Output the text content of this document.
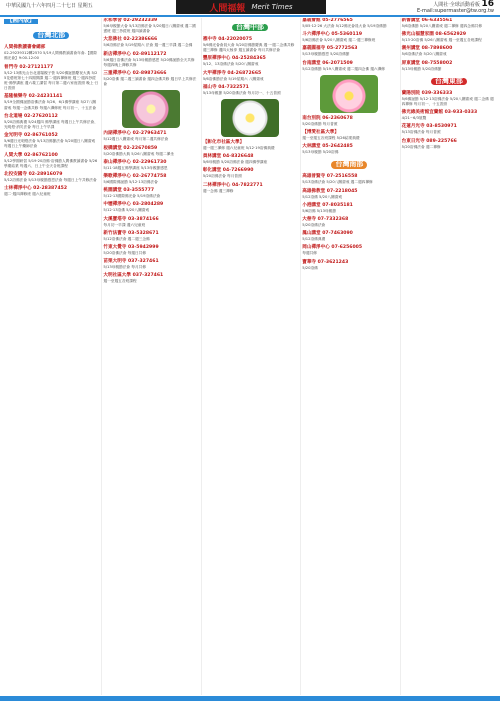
中華民國九十六年四月二十七日 星期五	人間福報 Merit Times	人間社‧全球活動看板 16
E-mail:supermaster@tw.org.tw
【國內版】
台灣北部
人間佛教讀書會總部
02-29239312轉2570 5/19人間佛教讀書會年會-【國際佛光會】9:00-12:00
普門寺 02-27121177
5/12‧13佛光山台北道場親子營 5/20佛誕節慶祝大典 5/25花藝班第七十四期開課 週二‧週四禪修班 週三‧週四抄經班‧佛學講座 週六義工講習 每月第二週六家庭普照 晚上‧日日普照
基隆極樂寺 02-24231141
5/19全國佛誕節浴佛法會 5/26、6/1佛學講座 5/27八關齋戒 每週一念佛共修 每週六禪修班 每月初一、十五法會
台北道場 02-27620112
5/20浴佛典禮 5/24週四 佛學講座 每週日上午共修法會、光明燈‧消災法會 每日上午早課
金光明寺 02-86761052
5/6週日光明燈法會 5/13浴佛節法會 5/20週日八關齋戒 每週日上午藥師法會
人間大學 02-86762100
5/12學期研習 5/19‧20浴佛‧浴佛節人間佛教讀書會 5/26學期結業 每週六、日上午全天各班課程
北投安國寺 02-28916079
5/12浴佛法會 5/13母親節感恩法會 每週日上午共修法會
士林禪淨中心 02-28387452
週二‧週四禪修班 週六兒童班
永和學舍 02-29232339
5/6母親節大會 5/13浴佛法會 5/20週日八關齋戒 週二國畫班 週三抄經班 週四讀書會
大悲佛社 02-22386666
5/6浴佛法會 5/19星期六 法會 週一週三早課 週二念佛
新店禪淨中心 02-89112172
5/6週日浴佛法會 5/13母親節感恩 5/20佛誕節全天共修 每週四晚上禪修共修
三重禪淨中心 02-89873666
5/20浴佛 週二週三讀書會 週四念佛共修 週日早上共修法會
內湖禪淨中心 02-27963471
5/12週日八關齋戒 每月第二週共修法會
板橋講堂 02-22670859
5/20浴佛節大典 5/26八關齋戒 每週二禪坐
泰山禪淨中心 02-22961730
5/11‧18週五佛學講座 5/13母親節感恩
樂歌禪淨中心 02-26774758
5/6國際佛誕節 5/12‧13浴佛法會
桃園講堂 03-3555777
5/12‧13國際佛光會 5/19浴佛法會
中壢禪淨中心 03-2804289
5/12‧13浴佛 5/20八關齋戒
大溪寶塔寺 03-3874166
每月初一早課 週六兒童班
新竹法寶寺 03-5328671
5/12浴佛法會 週二週三念佛
竹東大覺寺 03-5942999
5/20浴佛法會 每週日共修
苗栗大明寺 037-327461
5/13母親節法會 每月共修
大明社區大學 037-327461
週一至週五各班課程
台灣中部
惠中寺 04-22020075
5/6佛光會會員大會 5/20浴佛節慶典 週一‧週二念佛共修 週三禪修 週四太極拳 週五讀書會 每月共修法會
豐原禪淨中心 04-25284365
5/12、13浴佛法會 5/20八關齋戒
大甲禪淨寺 04-26872665
5/6浴佛節法會 5/19星期六 八關齋戒
福山寺 04-7322571
5/13母親節 5/20浴佛法會 每月初一、十五普照
【彰化市社區大學】
週一週三禪修 週六兒童班 5/12‧19浴佛典禮
員林講堂 04-8326648
5/6母親節 5/20浴佛法會 週四佛學講座
彰化講堂 04-7266990
5/20浴佛法會 每月普照
二林禪淨中心 04-7822771
週一念佛 週三禪修
嘉義會館 05-2776565
5/05‧12‧26 大法會 5/12佛光會員大會 5/19浴佛節
斗六禪淨中心 05-5360119
5/6浴佛法會 5/20八關齋戒 週二‧週三禪修班
嘉義圓福寺 05-2772563
5/13母親節感恩 5/20浴佛節
台南講堂 06-2071509
5/12浴佛節 5/19八關齋戒 週二週四念佛 週六禪修
南台別院 06-2360678
5/20浴佛節 每月普照
【博愛社區大學】
週一至週五各班課程 5/26結業典禮
大林講堂 05-2642485
5/13母親節 5/20浴佛
台灣南部
高雄普賢寺 07-2516558
5/13浴佛法會 5/20八關齋戒 週二週四禪修
高雄佛教堂 07-2218045
5/12浴佛 5/20八關齋戒
小港講堂 07-8035181
5/6浴佛 5/13母親節
大慈寺 07-7332368
5/20浴佛法會
鳳山講堂 07-7463090
5/12浴佛典禮
岡山禪淨中心 07-6256005
每週共修
寶華寺 07-3621243
5/20浴佛
新營講堂 06-6335561
5/6浴佛節 5/20八關齋戒 週二禪修 週四念佛共修
佛光山福慧家園 08-6562929
5/13‧20浴佛 5/26八關齋戒 週一至週五各班課程
潮州講堂 08-7898600
5/6浴佛法會 5/20八關齋戒
屏東講堂 08-7558002
5/13母親節 5/20浴佛節
台灣東部
蘭陽別院 039-336333
5/6佛誕節 5/12‧13浴佛法會 5/20八關齋戒 週二念佛 週四禪修 每月初一、十五普照
佛光緣美術館宜蘭館 03-933-0333
4/21~6/3展覽
花蓮月光寺 03-8530971
5/13浴佛法會 每月普照
台東日光寺 089-225766
5/20浴佛法會 週二禪修
